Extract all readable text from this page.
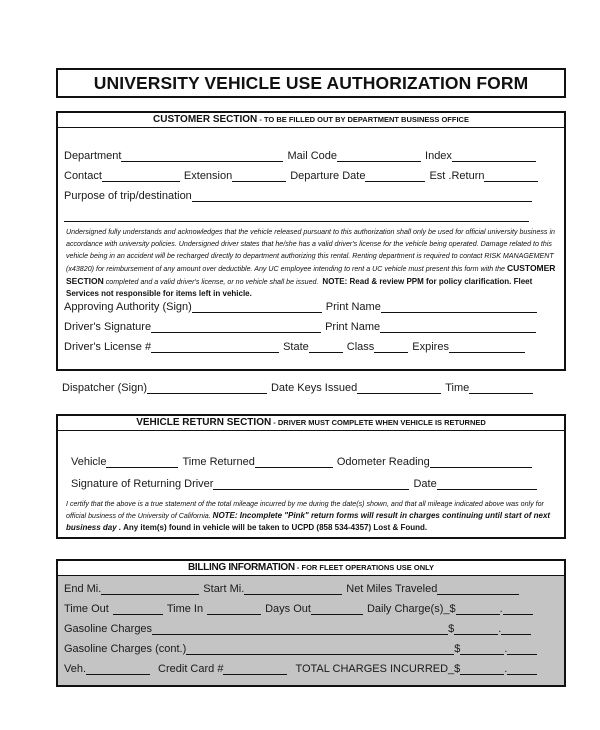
UNIVERSITY VEHICLE USE AUTHORIZATION FORM
CUSTOMER SECTION - TO BE FILLED OUT BY DEPARTMENT BUSINESS OFFICE
Department	Mail Code	Index
Contact	Extension	Departure Date	Est .Return
Purpose of trip/destination
Undersigned fully understands and acknowledges that the vehicle released pursuant to this authorization shall only be used for official university business in accordance with university policies. Undersigned driver states that he/she has a valid driver's license for the vehicle being operated. Damage related to this vehicle being in an accident will be recharged directly to department authorizing this rental. Renting department is required to contact RISK MANAGEMENT (x43820) for reimbursement of any amount over deductible. Any UC employee intending to rent a UC vehicle must present this form with the CUSTOMER SECTION completed and a valid driver's license, or no vehicle shall be issued.  NOTE: Read & review PPM for policy clarification. Fleet Services not responsible for items left in vehicle.
Approving Authority (Sign)	Print Name
Driver's Signature	Print Name
Driver's License #	State	Class	Expires
Dispatcher (Sign)	Date Keys Issued	Time
VEHICLE RETURN SECTION - DRIVER MUST COMPLETE WHEN VEHICLE IS RETURNED
Vehicle	Time Returned	Odometer Reading
Signature of Returning Driver	Date
I certify that the above is a true statement of the total mileage incurred by me during the date(s) shown, and that all mileage indicated above was only for official business of the University of California. NOTE: Incomplete "Pink" return forms will result in charges continuing until start of next business day . Any item(s) found in vehicle will be taken to UCPD (858 534-4357) Lost & Found.
BILLING INFORMATION - FOR FLEET OPERATIONS USE ONLY
End Mi.	Start Mi.	Net Miles Traveled
Time Out	Time In	Days Out	Daily Charge(s)_$	.
Gasoline Charges	$	.
Gasoline Charges (cont.)	$	.
Veh.	Credit Card #	TOTAL CHARGES INCURRED_$	.
